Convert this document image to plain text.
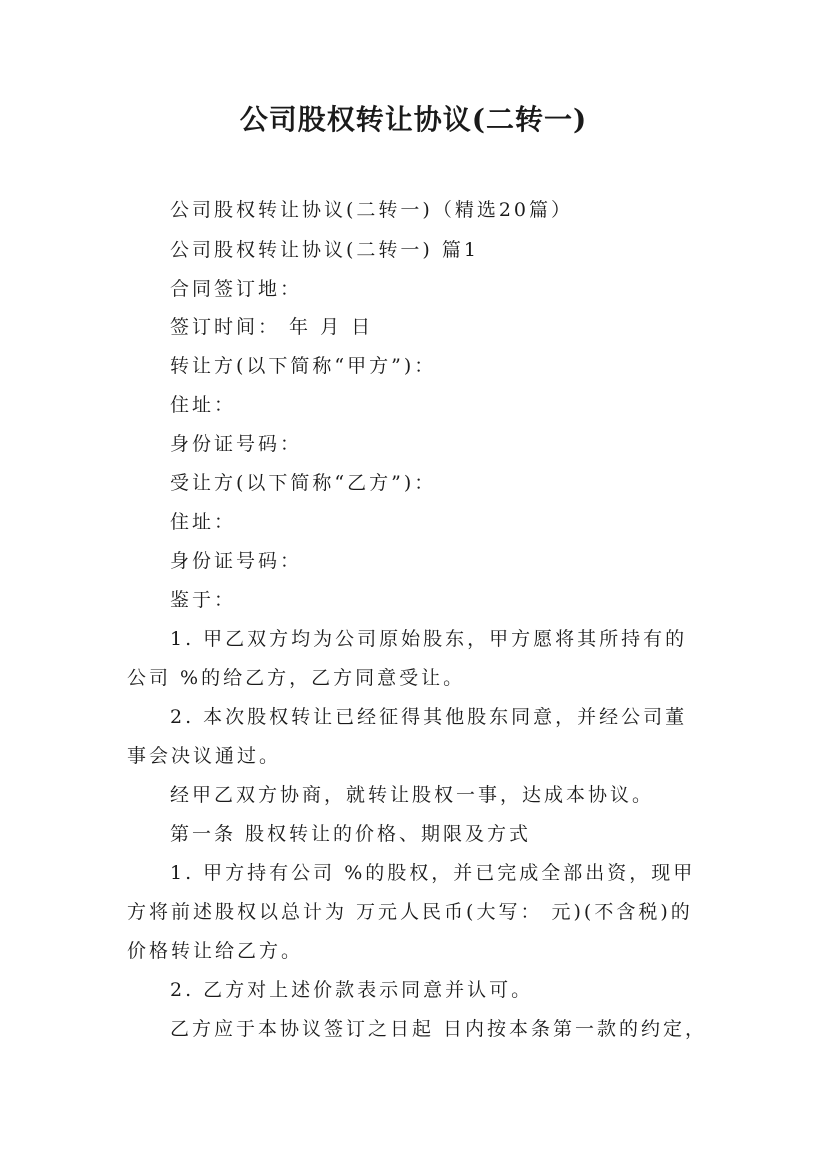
公司股权转让协议(二转一)
公司股权转让协议(二转一)（精选20篇）
公司股权转让协议(二转一) 篇1
合同签订地：
签订时间： 年 月 日
转让方(以下简称“甲方”)：
住址：
身份证号码：
受让方(以下简称“乙方”)：
住址：
身份证号码：
鉴于：
1. 甲乙双方均为公司原始股东，甲方愿将其所持有的
公司 %的给乙方，乙方同意受让。
2. 本次股权转让已经征得其他股东同意，并经公司董
事会决议通过。
经甲乙双方协商，就转让股权一事，达成本协议。
第一条 股权转让的价格、期限及方式
1. 甲方持有公司 %的股权，并已完成全部出资，现甲
方将前述股权以总计为 万元人民币(大写： 元)(不含税)的
价格转让给乙方。
2. 乙方对上述价款表示同意并认可。
乙方应于本协议签订之日起 日内按本条第一款的约定，
